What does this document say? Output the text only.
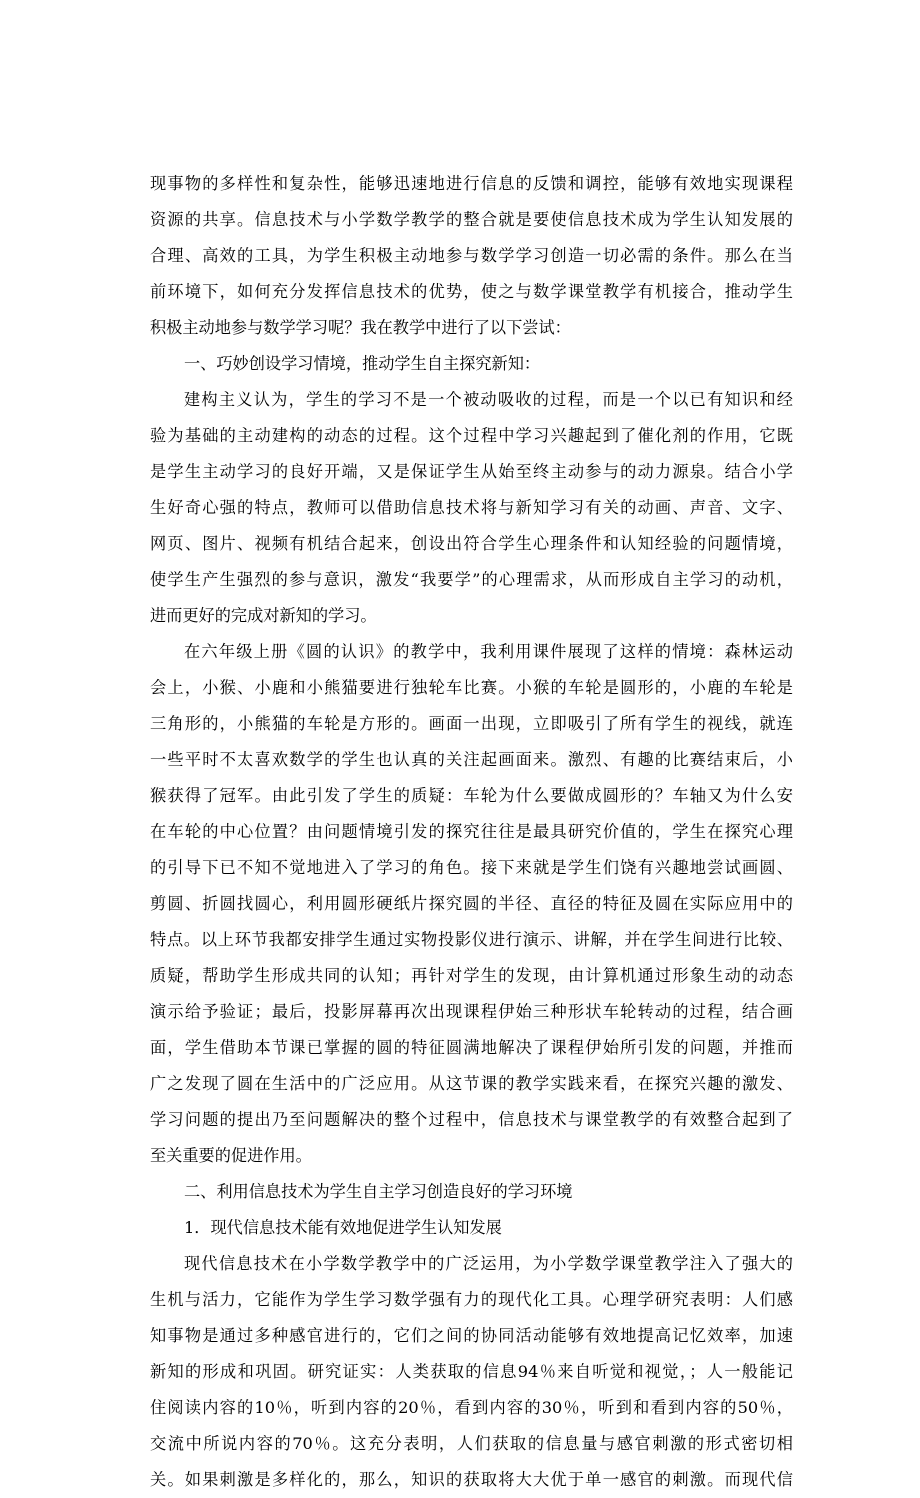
现事物的多样性和复杂性，能够迅速地进行信息的反馈和调控，能够有效地实现课程
资源的共享。信息技术与小学数学教学的整合就是要使信息技术成为学生认知发展的
合理、高效的工具，为学生积极主动地参与数学学习创造一切必需的条件。那么在当
前环境下，如何充分发挥信息技术的优势，使之与数学课堂教学有机接合，推动学生
积极主动地参与数学学习呢？我在教学中进行了以下尝试：
一、巧妙创设学习情境，推动学生自主探究新知：
建构主义认为，学生的学习不是一个被动吸收的过程，而是一个以已有知识和经
验为基础的主动建构的动态的过程。这个过程中学习兴趣起到了催化剂的作用，它既
是学生主动学习的良好开端，又是保证学生从始至终主动参与的动力源泉。结合小学
生好奇心强的特点，教师可以借助信息技术将与新知学习有关的动画、声音、文字、
网页、图片、视频有机结合起来，创设出符合学生心理条件和认知经验的问题情境，
使学生产生强烈的参与意识，激发“我要学”的心理需求，从而形成自主学习的动机，
进而更好的完成对新知的学习。
在六年级上册《圆的认识》的教学中，我利用课件展现了这样的情境：森林运动
会上，小猴、小鹿和小熊猫要进行独轮车比赛。小猴的车轮是圆形的，小鹿的车轮是
三角形的，小熊猫的车轮是方形的。画面一出现，立即吸引了所有学生的视线，就连
一些平时不太喜欢数学的学生也认真的关注起画面来。激烈、有趣的比赛结束后，小
猴获得了冠军。由此引发了学生的质疑：车轮为什么要做成圆形的？车轴又为什么安
在车轮的中心位置？由问题情境引发的探究往往是最具研究价值的，学生在探究心理
的引导下已不知不觉地进入了学习的角色。接下来就是学生们饶有兴趣地尝试画圆、
剪圆、折圆找圆心，利用圆形硬纸片探究圆的半径、直径的特征及圆在实际应用中的
特点。以上环节我都安排学生通过实物投影仪进行演示、讲解，并在学生间进行比较、
质疑，帮助学生形成共同的认知；再针对学生的发现，由计算机通过形象生动的动态
演示给予验证；最后，投影屏幕再次出现课程伊始三种形状车轮转动的过程，结合画
面，学生借助本节课已掌握的圆的特征圆满地解决了课程伊始所引发的问题，并推而
广之发现了圆在生活中的广泛应用。从这节课的教学实践来看，在探究兴趣的激发、
学习问题的提出乃至问题解决的整个过程中，信息技术与课堂教学的有效整合起到了
至关重要的促进作用。
二、利用信息技术为学生自主学习创造良好的学习环境
1．现代信息技术能有效地促进学生认知发展
现代信息技术在小学数学教学中的广泛运用，为小学数学课堂教学注入了强大的
生机与活力，它能作为学生学习数学强有力的现代化工具。心理学研究表明：人们感
知事物是通过多种感官进行的，它们之间的协同活动能够有效地提高记忆效率，加速
新知的形成和巩固。研究证实：人类获取的信息94％来自听觉和视觉，；人一般能记
住阅读内容的10％，听到内容的20％，看到内容的30％，听到和看到内容的50％，
交流中所说内容的70％。这充分表明，人们获取的信息量与感官刺激的形式密切相
关。如果刺激是多样化的，那么，知识的获取将大大优于单一感官的刺激。而现代信
